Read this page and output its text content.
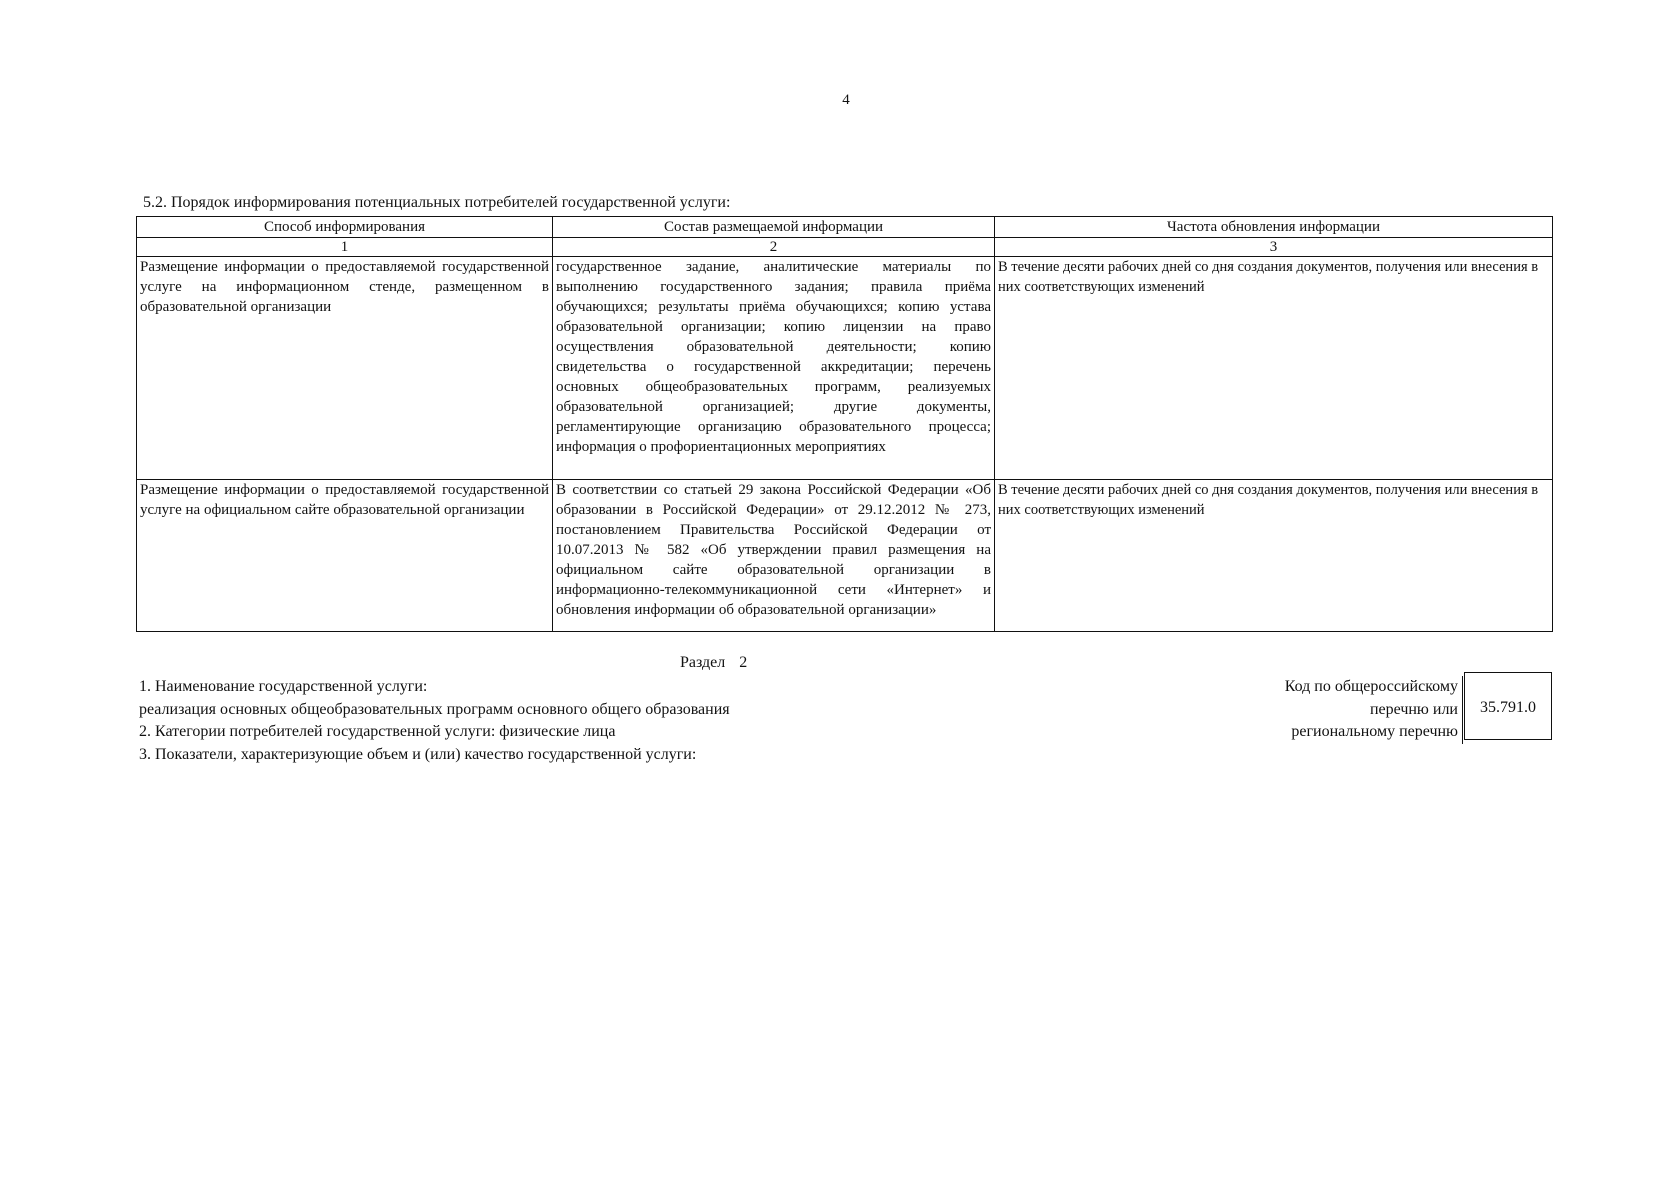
4
5.2. Порядок информирования потенциальных потребителей государственной услуги:
Способ информирования	Состав размещаемой информации	Частота обновления информации
1	2	3
Размещение информации о предоставляемой государственной услуге на информационном стенде, размещенном в образовательной организации	государственное задание, аналитические материалы по выполнению государственного задания; правила приёма обучающихся; результаты приёма обучающихся; копию устава образовательной организации; копию лицензии на право осуществления образовательной деятельности; копию свидетельства о государственной аккредитации; перечень основных общеобразовательных программ, реализуемых образовательной организацией; другие документы, регламентирующие организацию образовательного процесса; информация о профориентационных мероприятиях	В течение десяти рабочих дней со дня создания документов, получения или внесения в них соответствующих изменений
Размещение информации о предоставляемой государственной услуге на официальном сайте образовательной организации	В соответствии со статьей 29 закона Российской Федерации «Об образовании в Российской Федерации» от 29.12.2012 № 273, постановлением Правительства Российской Федерации от 10.07.2013 № 582 «Об утверждении правил размещения на официальном сайте образовательной организации в информационно-телекоммуникационной сети «Интернет» и обновления информации об образовательной организации»	В течение десяти рабочих дней со дня создания документов, получения или внесения в них соответствующих изменений
Раздел 2
1. Наименование государственной услуги:
реализация основных общеобразовательных программ основного общего образования
2. Категории потребителей государственной услуги: физические лица
3. Показатели, характеризующие объем и (или) качество государственной услуги:
Код по общероссийскому
перечню или
региональному перечню
35.791.0
